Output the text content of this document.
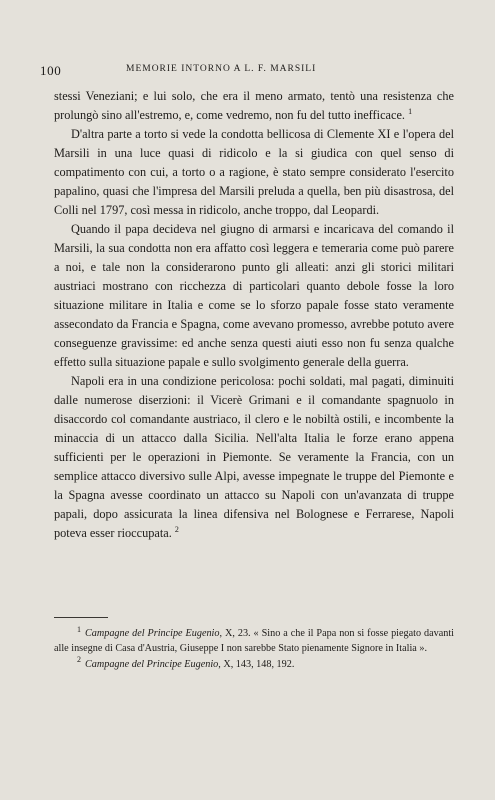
100	MEMORIE INTORNO A L. F. MARSILI

stessi Veneziani; e lui solo, che era il meno armato, tentò una resistenza che prolungò sino all'estremo, e, come vedremo, non fu del tutto inefficace. $^1$

D'altra parte a torto si vede la condotta bellicosa di Clemente XI e l'opera del Marsili in una luce quasi di ridicolo e la si giudica con quel senso di compatimento con cui, a torto o a ragione, è stato sempre considerato l'esercito papalino, quasi che l'impresa del Marsili preluda a quella, ben più disastrosa, del Colli nel 1797, così messa in ridicolo, anche troppo, dal Leopardi.

Quando il papa decideva nel giugno di armarsi e incaricava del comando il Marsili, la sua condotta non era affatto così leggera e temeraria come può parere a noi, e tale non la considerarono punto gli alleati: anzi gli storici militari austriaci mostrano con ricchezza di particolari quanto debole fosse la loro situazione militare in Italia e come se lo sforzo papale fosse stato veramente assecondato da Francia e Spagna, come avevano promesso, avrebbe potuto avere conseguenze gravissime: ed anche senza questi aiuti esso non fu senza qualche effetto sulla situazione papale e sullo svolgimento generale della guerra.

Napoli era in una condizione pericolosa: pochi soldati, mal pagati, diminuiti dalle numerose diserzioni: il Vicerè Grimani e il comandante spagnuolo in disaccordo col comandante austriaco, il clero e le nobiltà ostili, e incombente la minaccia di un attacco dalla Sicilia. Nell'alta Italia le forze erano appena sufficienti per le operazioni in Piemonte. Se veramente la Francia, con un semplice attacco diversivo sulle Alpi, avesse impegnate le truppe del Piemonte e la Spagna avesse coordinato un attacco su Napoli con un'avanzata di truppe papali, dopo assicurata la linea difensiva nel Bolognese e Ferrarese, Napoli poteva esser rioccupata. $^2$

$^1$ Campagne del Principe Eugenio, X, 23. « Sino a che il Papa non si fosse piegato davanti alle insegne di Casa d'Austria, Giuseppe I non sarebbe Stato pienamente Signore in Italia ».

$^2$ Campagne del Principe Eugenio, X, 143, 148, 192.
